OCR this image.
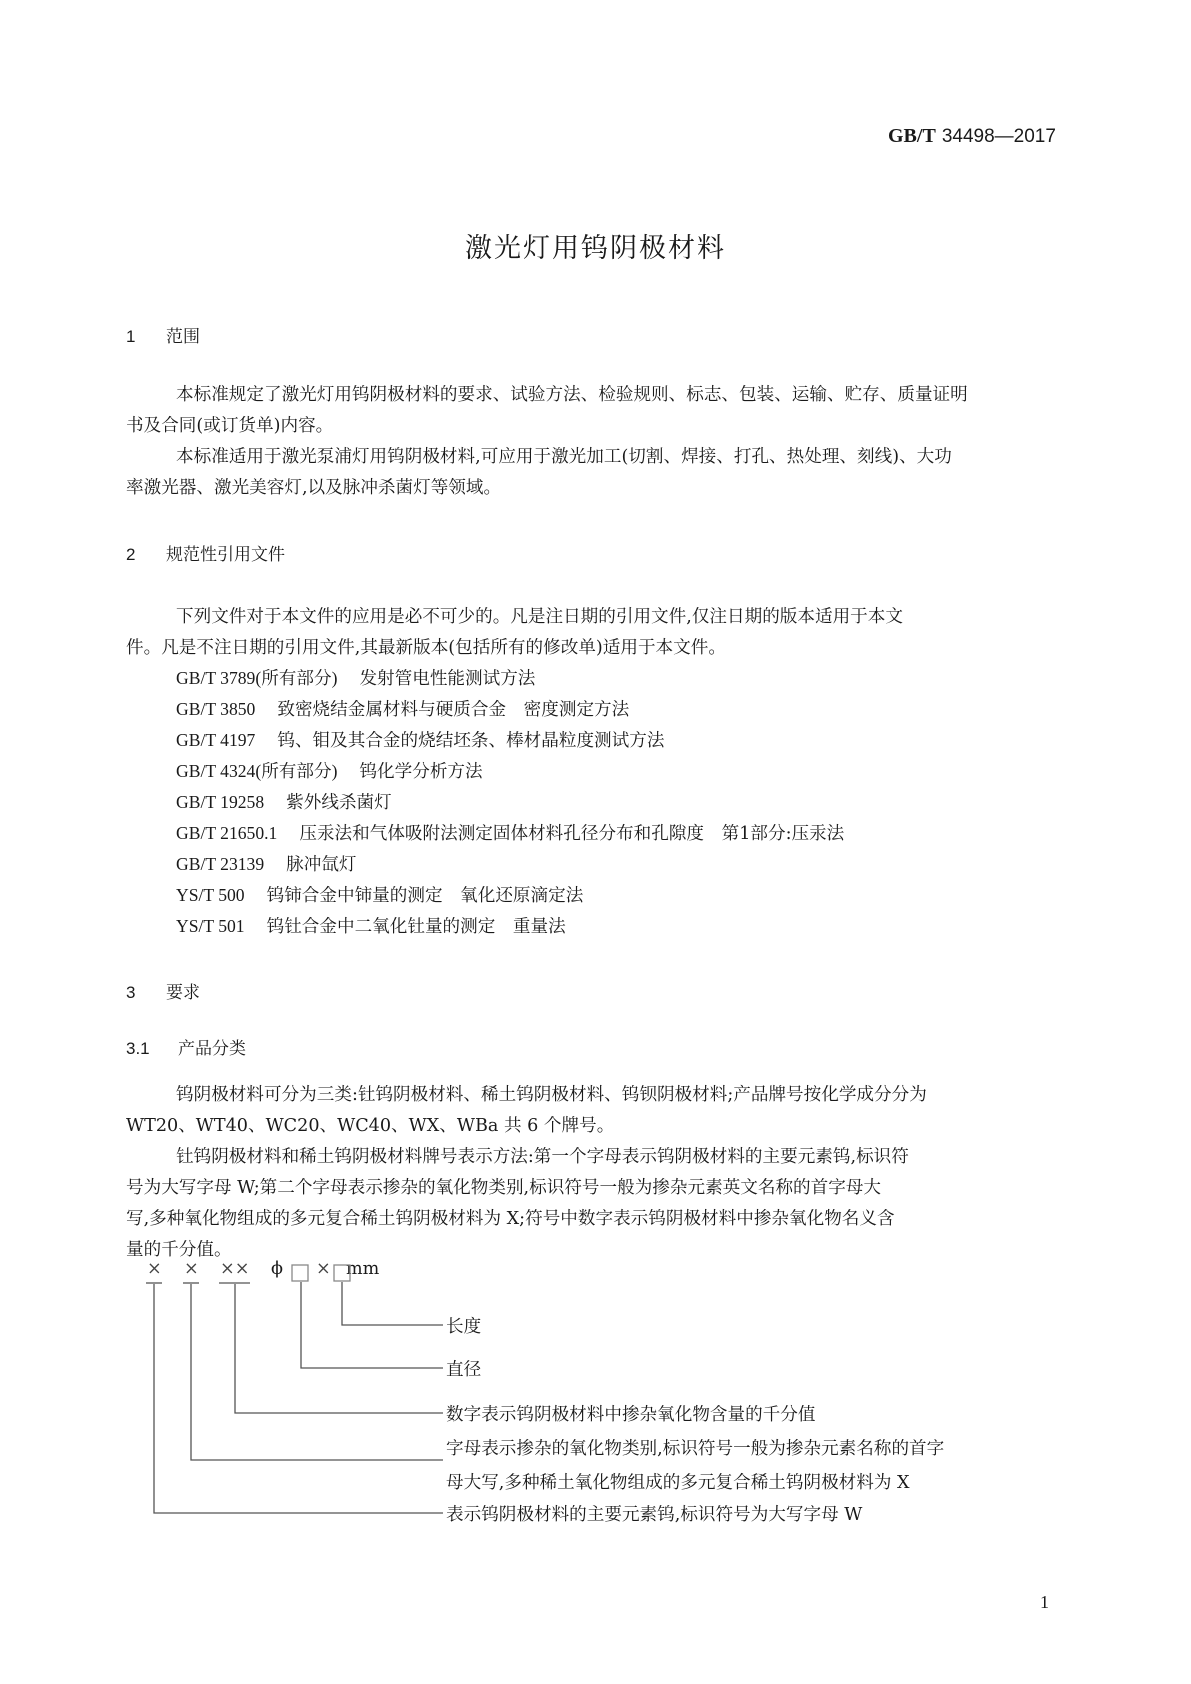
GB/T 34498—2017
激光灯用钨阴极材料
1 范围
本标准规定了激光灯用钨阴极材料的要求、试验方法、检验规则、标志、包装、运输、贮存、质量证明
书及合同(或订货单)内容。
本标准适用于激光泵浦灯用钨阴极材料,可应用于激光加工(切割、焊接、打孔、热处理、刻线)、大功
率激光器、激光美容灯,以及脉冲杀菌灯等领域。
2 规范性引用文件
下列文件对于本文件的应用是必不可少的。凡是注日期的引用文件,仅注日期的版本适用于本文
件。凡是不注日期的引用文件,其最新版本(包括所有的修改单)适用于本文件。
GB/T 3789(所有部分) 发射管电性能测试方法
GB/T 3850 致密烧结金属材料与硬质合金　密度测定方法
GB/T 4197 钨、钼及其合金的烧结坯条、棒材晶粒度测试方法
GB/T 4324(所有部分) 钨化学分析方法
GB/T 19258 紫外线杀菌灯
GB/T 21650.1 压汞法和气体吸附法测定固体材料孔径分布和孔隙度　第1部分:压汞法
GB/T 23139 脉冲氙灯
YS/T 500 钨铈合金中铈量的测定　氧化还原滴定法
YS/T 501 钨钍合金中二氧化钍量的测定　重量法
3 要求
3.1 产品分类
钨阴极材料可分为三类:钍钨阴极材料、稀土钨阴极材料、钨钡阴极材料;产品牌号按化学成分分为
WT20、WT40、WC20、WC40、WX、WBa 共 6 个牌号。
钍钨阴极材料和稀土钨阴极材料牌号表示方法:第一个字母表示钨阴极材料的主要元素钨,标识符
号为大写字母 W;第二个字母表示掺杂的氧化物类别,标识符号一般为掺杂元素英文名称的首字母大
写,多种氧化物组成的多元复合稀土钨阴极材料为 X;符号中数字表示钨阴极材料中掺杂氧化物名义含
量的千分值。
× × ×× ϕ × mm
长度
直径
数字表示钨阴极材料中掺杂氧化物含量的千分值
字母表示掺杂的氧化物类别,标识符号一般为掺杂元素名称的首字
母大写,多种稀土氧化物组成的多元复合稀土钨阴极材料为 X
表示钨阴极材料的主要元素钨,标识符号为大写字母 W
1
